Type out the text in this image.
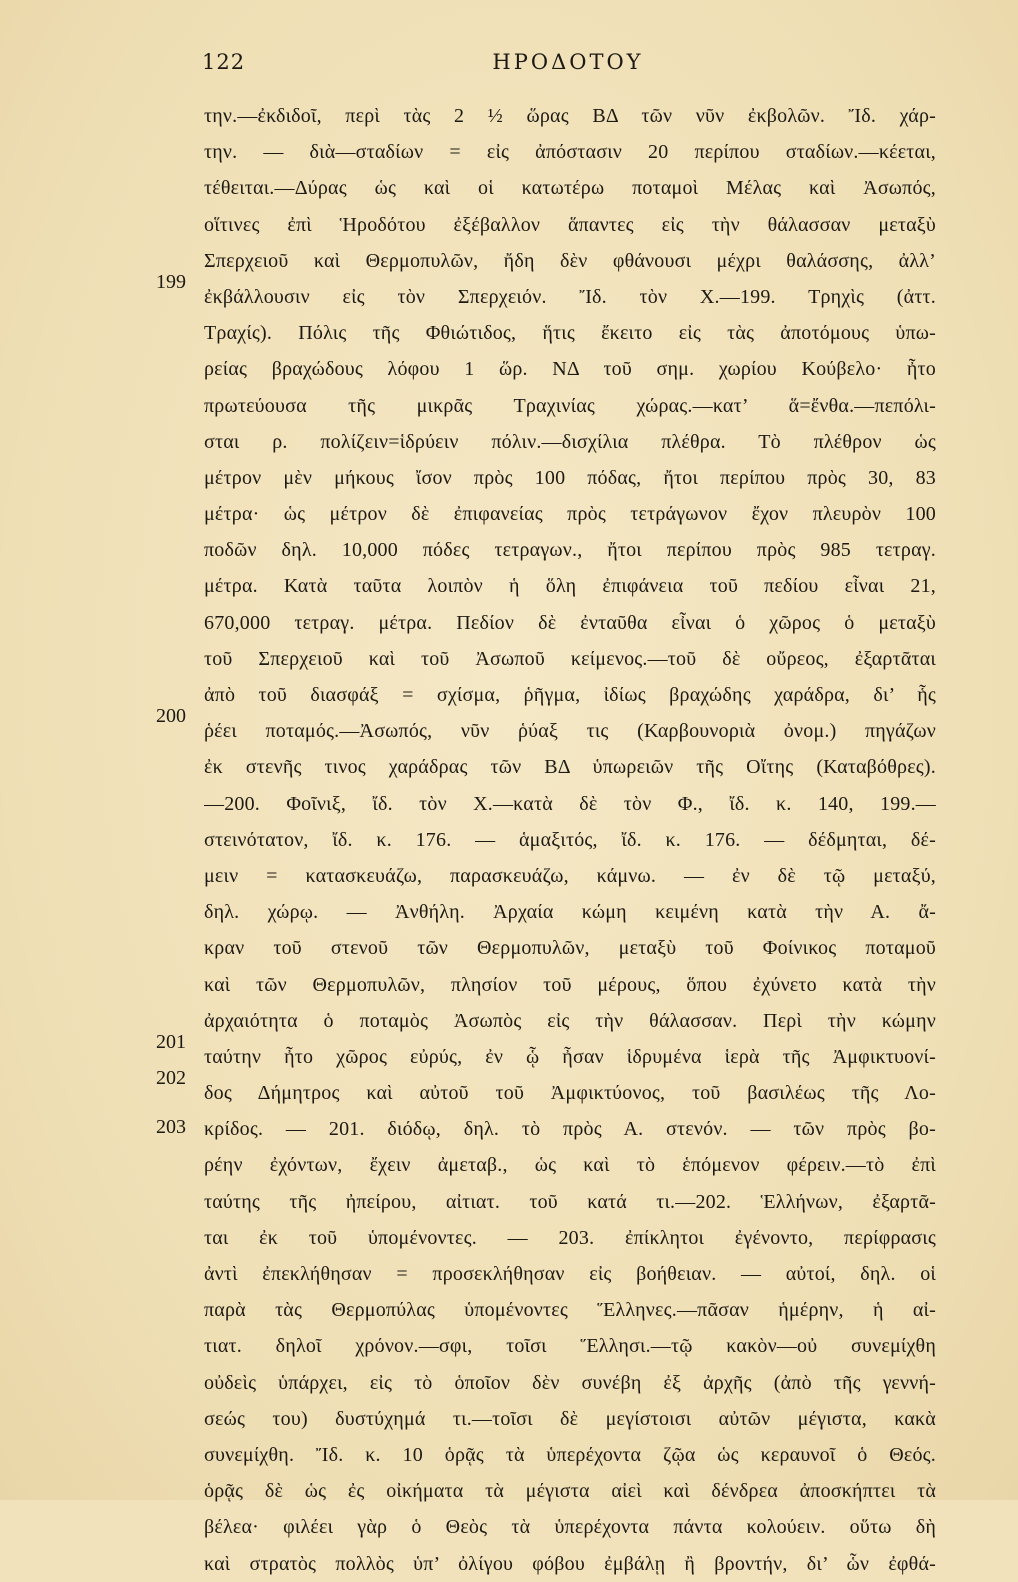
122	ΗΡΟΔΟΤΟΥ
199
200
201
202
203
την.—ἐκδιδοῖ, περὶ τὰς 2 ½ ὥρας ΒΔ τῶν νῦν ἐκβολῶν. Ἴδ. χάρ-
την. — διὰ—σταδίων = εἰς ἀπόστασιν 20 περίπου σταδίων.—κέεται,
τέθειται.—Δύρας ὡς καὶ οἱ κατωτέρω ποταμοὶ Μέλας καὶ Ἀσωπός,
οἵτινες ἐπὶ Ἡροδότου ἐξέβαλλον ἅπαντες εἰς τὴν θάλασσαν μεταξὺ
Σπερχειοῦ καὶ Θερμοπυλῶν, ἤδη δὲν φθάνουσι μέχρι θαλάσσης, ἀλλ’
ἐκβάλλουσιν εἰς τὸν Σπερχειόν. Ἴδ. τὸν Χ.—199. Τρηχὶς (ἀττ.
Τραχίς). Πόλις τῆς Φθιώτιδος, ἥτις ἔκειτο εἰς τὰς ἀποτόμους ὑπω-
ρείας βραχώδους λόφου 1 ὥρ. ΝΔ τοῦ σημ. χωρίου Κούβελο· ἦτο
πρωτεύουσα τῆς μικρᾶς Τραχινίας χώρας.—κατ’ ἅ=ἔνθα.—πεπόλι-
σται ρ. πολίζειν=ἱδρύειν πόλιν.—δισχίλια πλέθρα. Τὸ πλέθρον ὡς
μέτρον μὲν μήκους ἴσον πρὸς 100 πόδας, ἤτοι περίπου πρὸς 30, 83
μέτρα· ὡς μέτρον δὲ ἐπιφανείας πρὸς τετράγωνον ἔχον πλευρὸν 100
ποδῶν δηλ. 10,000 πόδες τετραγων., ἤτοι περίπου πρὸς 985 τετραγ.
μέτρα. Κατὰ ταῦτα λοιπὸν ἡ ὅλη ἐπιφάνεια τοῦ πεδίου εἶναι 21,
670,000 τετραγ. μέτρα. Πεδίον δὲ ἐνταῦθα εἶναι ὁ χῶρος ὁ μεταξὺ
τοῦ Σπερχειοῦ καὶ τοῦ Ἀσωποῦ κείμενος.—τοῦ δὲ οὔρεος, ἐξαρτᾶται
ἀπὸ τοῦ διασφάξ = σχίσμα, ῥῆγμα, ἰδίως βραχώδης χαράδρα, δι’ ἧς
ῥέει ποταμός.—Ἀσωπός, νῦν ῥύαξ τις (Καρβουνοριὰ ὀνομ.) πηγάζων
ἐκ στενῆς τινος χαράδρας τῶν ΒΔ ὑπωρειῶν τῆς Οἴτης (Καταβόθρες).
—200. Φοῖνιξ, ἴδ. τὸν Χ.—κατὰ δὲ τὸν Φ., ἴδ. κ. 140, 199.—
στεινότατον, ἴδ. κ. 176. — ἁμαξιτός, ἴδ. κ. 176. — δέδμηται, δέ-
μειν = κατασκευάζω, παρασκευάζω, κάμνω. — ἐν δὲ τῷ μεταξύ,
δηλ. χώρῳ. — Ἀνθήλη. Ἀρχαία κώμη κειμένη κατὰ τὴν Α. ἄ-
κραν τοῦ στενοῦ τῶν Θερμοπυλῶν, μεταξὺ τοῦ Φοίνικος ποταμοῦ
καὶ τῶν Θερμοπυλῶν, πλησίον τοῦ μέρους, ὅπου ἐχύνετο κατὰ τὴν
ἀρχαιότητα ὁ ποταμὸς Ἀσωπὸς εἰς τὴν θάλασσαν. Περὶ τὴν κώμην
ταύτην ἦτο χῶρος εὐρύς, ἐν ᾧ ἦσαν ἱδρυμένα ἱερὰ τῆς Ἀμφικτυονί-
δος Δήμητρος καὶ αὐτοῦ τοῦ Ἀμφικτύονος, τοῦ βασιλέως τῆς Λο-
κρίδος. — 201. διόδῳ, δηλ. τὸ πρὸς Α. στενόν. — τῶν πρὸς βο-
ρέην ἐχόντων, ἔχειν ἀμεταβ., ὡς καὶ τὸ ἑπόμενον φέρειν.—τὸ ἐπὶ
ταύτης τῆς ἠπείρου, αἰτιατ. τοῦ κατά τι.—202. Ἑλλήνων, ἐξαρτᾶ-
ται ἐκ τοῦ ὑπομένοντες. — 203. ἐπίκλητοι ἐγένοντο, περίφρασις
ἀντὶ ἐπεκλήθησαν = προσεκλήθησαν εἰς βοήθειαν. — αὐτοί, δηλ. οἱ
παρὰ τὰς Θερμοπύλας ὑπομένοντες Ἕλληνες.—πᾶσαν ἡμέρην, ἡ αἰ-
τιατ. δηλοῖ χρόνον.—σφι, τοῖσι Ἕλλησι.—τῷ κακὸν—οὐ συνεμίχθη
οὐδεὶς ὑπάρχει, εἰς τὸ ὁποῖον δὲν συνέβη ἐξ ἀρχῆς (ἀπὸ τῆς γεννή-
σεώς του) δυστύχημά τι.—τοῖσι δὲ μεγίστοισι αὐτῶν μέγιστα, κακὰ
συνεμίχθη. Ἴδ. κ. 10 ὁρᾷς τὰ ὑπερέχοντα ζῷα ὡς κεραυνοῖ ὁ Θεός.
ὁρᾷς δὲ ὡς ἐς οἰκήματα τὰ μέγιστα αἰεὶ καὶ δένδρεα ἀποσκήπτει τὰ
βέλεα· φιλέει γὰρ ὁ Θεὸς τὰ ὑπερέχοντα πάντα κολούειν. οὕτω δὴ
καὶ στρατὸς πολλὸς ὑπ’ ὀλίγου φόβου ἐμβάλῃ ἢ βροντήν, δι’ ὧν ἐφθά-
